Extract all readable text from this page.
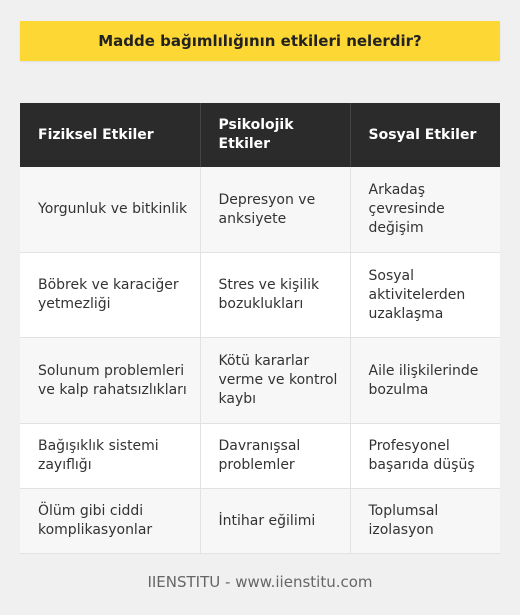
Madde bağımlılığının etkileri nelerdir?
Fiziksel Etkiler	Psikolojik Etkiler	Sosyal Etkiler
Yorgunluk ve bitkinlik	Depresyon ve anksiyete	Arkadaş çevresinde değişim
Böbrek ve karaciğer yetmezliği	Stres ve kişilik bozuklukları	Sosyal aktivitelerden uzaklaşma
Solunum problemleri ve kalp rahatsızlıkları	Kötü kararlar verme ve kontrol kaybı	Aile ilişkilerinde bozulma
Bağışıklık sistemi zayıflığı	Davranışsal problemler	Profesyonel başarıda düşüş
Ölüm gibi ciddi komplikasyonlar	İntihar eğilimi	Toplumsal izolasyon
IIENSTITU - www.iienstitu.com
